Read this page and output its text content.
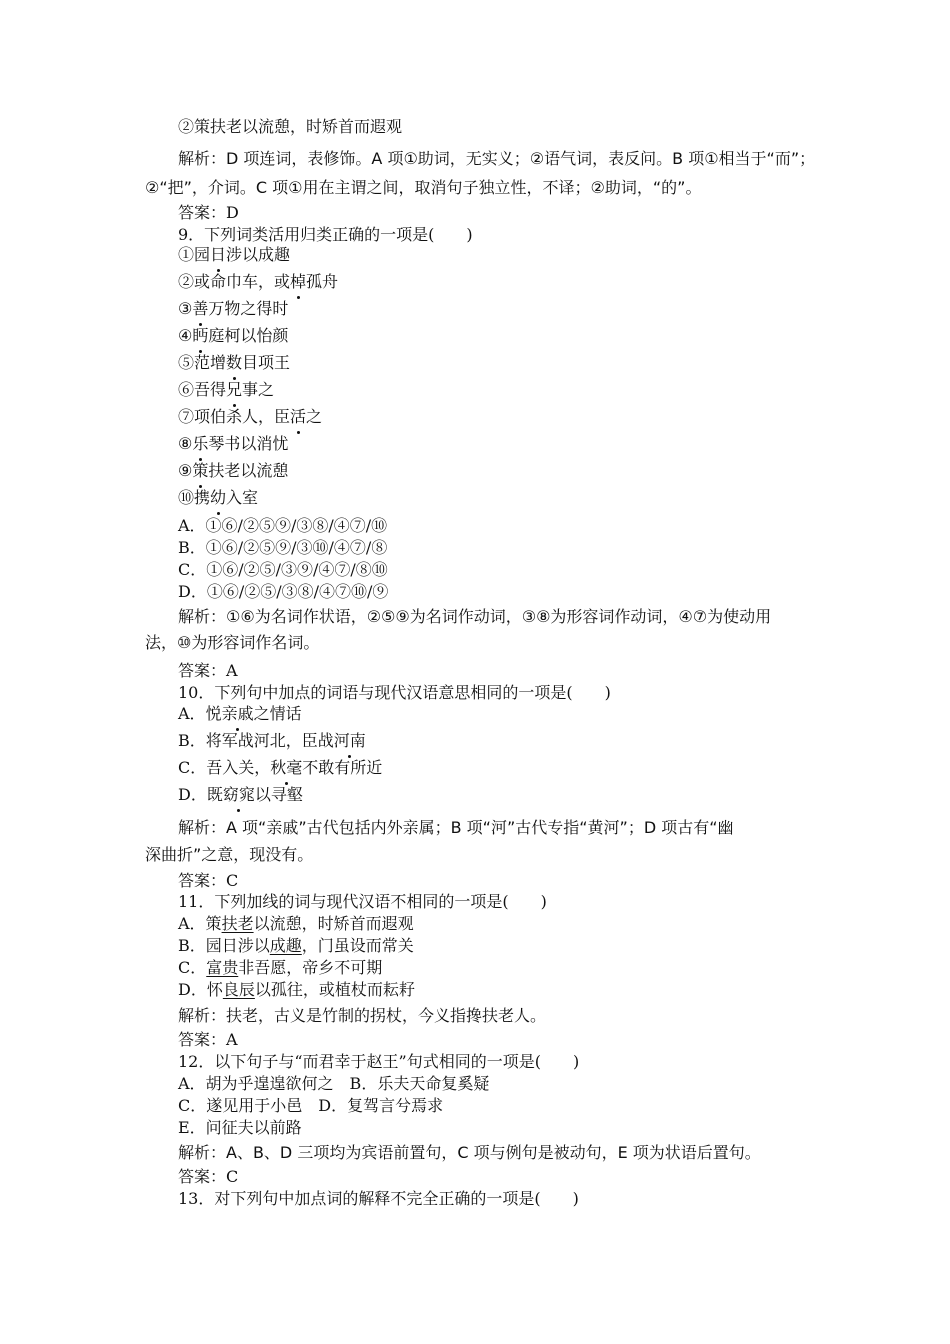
②策扶老以流憩，时矫首而遐观
解析：D 项连词，表修饰。A 项①助词，无实义；②语气词，表反问。B 项①相当于“而”；
②“把”，介词。C 项①用在主谓之间，取消句子独立性，不译；②助词，“的”。
答案：D
9．下列词类活用归类正确的一项是(　　)
①园日涉以成趣
②或命巾车，或棹孤舟
③善万物之得时
④眄庭柯以怡颜
⑤范增数目项王
⑥吾得兄事之
⑦项伯杀人，臣活之
⑧乐琴书以消忧
⑨策扶老以流憩
⑩携幼入室
A．①⑥/②⑤⑨/③⑧/④⑦/⑩
B．①⑥/②⑤⑨/③⑩/④⑦/⑧
C．①⑥/②⑤/③⑨/④⑦/⑧⑩
D．①⑥/②⑤/③⑧/④⑦⑩/⑨
解析：①⑥为名词作状语，②⑤⑨为名词作动词，③⑧为形容词作动词，④⑦为使动用
法，⑩为形容词作名词。
答案：A
10．下列句中加点的词语与现代汉语意思相同的一项是(　　)
A．悦亲戚之情话
B．将军战河北，臣战河南
C．吾入关，秋毫不敢有所近
D．既窈窕以寻壑
解析：A 项“亲戚”古代包括内外亲属；B 项“河”古代专指“黄河”；D 项古有“幽
深曲折”之意，现没有。
答案：C
11．下列加线的词与现代汉语不相同的一项是(　　)
A．策扶老以流憩，时矫首而遐观
B．园日涉以成趣，门虽设而常关
C．富贵非吾愿，帝乡不可期
D．怀良辰以孤往，或植杖而耘耔
解析：扶老，古义是竹制的拐杖，今义指搀扶老人。
答案：A
12．以下句子与“而君幸于赵王”句式相同的一项是(　　)
A．胡为乎遑遑欲何之　B．乐夫天命复奚疑
C．遂见用于小邑　D．复驾言兮焉求
E．问征夫以前路
解析：A、B、D 三项均为宾语前置句，C 项与例句是被动句，E 项为状语后置句。
答案：C
13．对下列句中加点词的解释不完全正确的一项是(　　)
